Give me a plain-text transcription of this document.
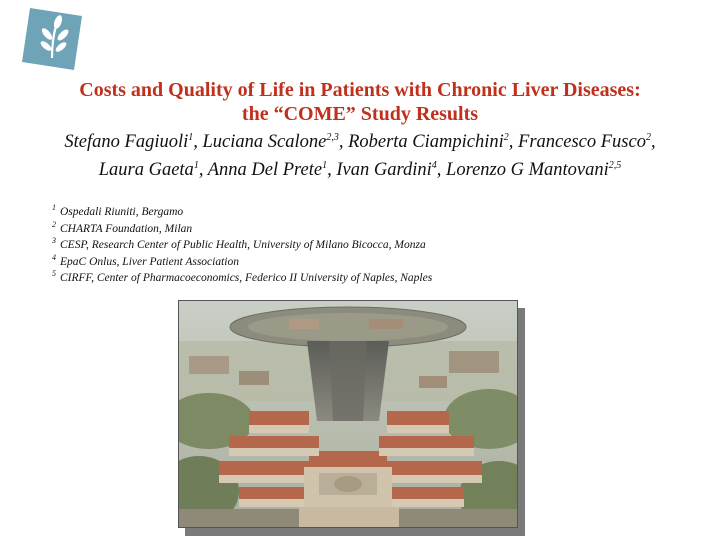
Costs and Quality of Life in Patients with Chronic Liver Diseases:
the “COME” Study Results
Stefano Fagiuoli$^1$, Luciana Scalone$^{2,3}$, Roberta Ciampichini$^2$, Francesco Fusco$^2$,
Laura Gaeta$^1$, Anna Del Prete$^1$, Ivan Gardini$^4$, Lorenzo G Mantovani$^{2,5}$
$^1$ Ospedali Riuniti, Bergamo
$^2$ CHARTA Foundation, Milan
$^3$ CESP, Research Center of Public Health, University of Milano Bicocca, Monza
$^4$ EpaC Onlus, Liver Patient Association
$^5$ CIRFF, Center of Pharmacoeconomics, Federico II University of Naples, Naples
